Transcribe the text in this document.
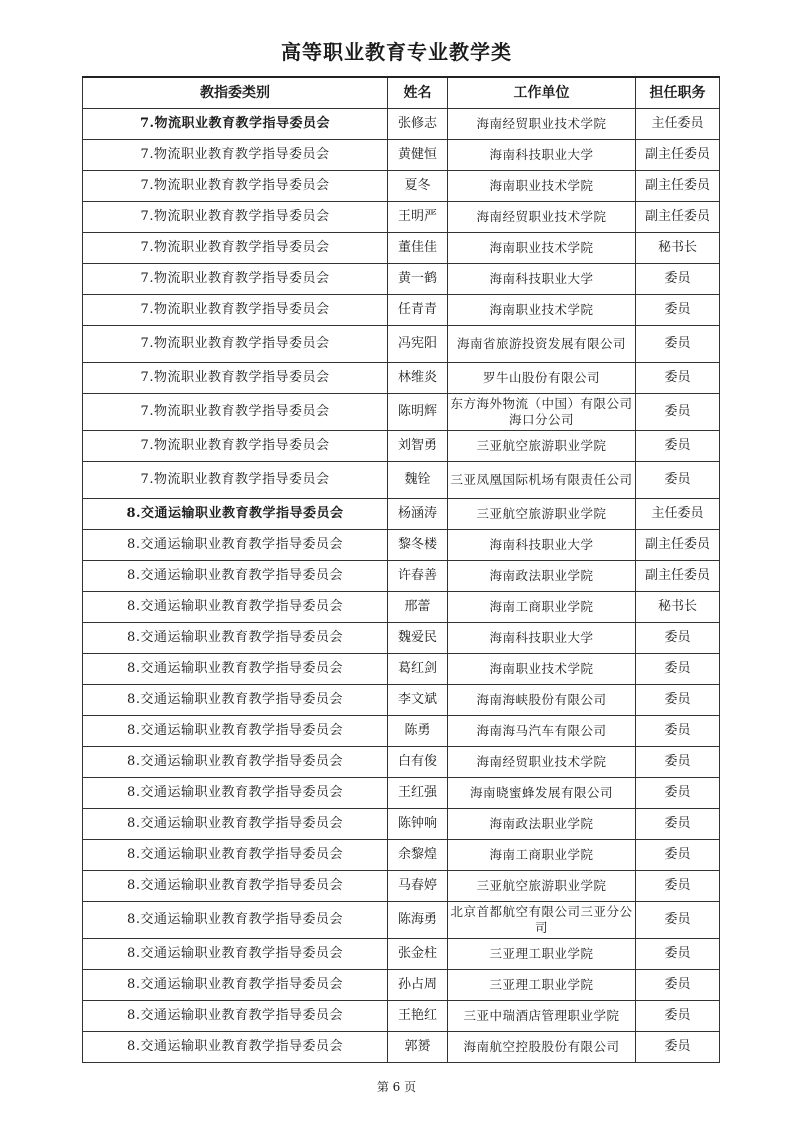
高等职业教育专业教学类
教指委类别	姓名	工作单位	担任职务
7.物流职业教育教学指导委员会	张修志	海南经贸职业技术学院	主任委员
7.物流职业教育教学指导委员会	黄健恒	海南科技职业大学	副主任委员
7.物流职业教育教学指导委员会	夏冬	海南职业技术学院	副主任委员
7.物流职业教育教学指导委员会	王明严	海南经贸职业技术学院	副主任委员
7.物流职业教育教学指导委员会	董佳佳	海南职业技术学院	秘书长
7.物流职业教育教学指导委员会	黄一鹤	海南科技职业大学	委员
7.物流职业教育教学指导委员会	任青青	海南职业技术学院	委员
7.物流职业教育教学指导委员会	冯宪阳	海南省旅游投资发展有限公司	委员
7.物流职业教育教学指导委员会	林维炎	罗牛山股份有限公司	委员
7.物流职业教育教学指导委员会	陈明辉	东方海外物流（中国）有限公司海口分公司	委员
7.物流职业教育教学指导委员会	刘智勇	三亚航空旅游职业学院	委员
7.物流职业教育教学指导委员会	魏铨	三亚凤凰国际机场有限责任公司	委员
8.交通运输职业教育教学指导委员会	杨涵涛	三亚航空旅游职业学院	主任委员
8.交通运输职业教育教学指导委员会	黎冬楼	海南科技职业大学	副主任委员
8.交通运输职业教育教学指导委员会	许春善	海南政法职业学院	副主任委员
8.交通运输职业教育教学指导委员会	邢蕾	海南工商职业学院	秘书长
8.交通运输职业教育教学指导委员会	魏爱民	海南科技职业大学	委员
8.交通运输职业教育教学指导委员会	葛红剑	海南职业技术学院	委员
8.交通运输职业教育教学指导委员会	李文斌	海南海峡股份有限公司	委员
8.交通运输职业教育教学指导委员会	陈勇	海南海马汽车有限公司	委员
8.交通运输职业教育教学指导委员会	白有俊	海南经贸职业技术学院	委员
8.交通运输职业教育教学指导委员会	王红强	海南晓蜜蜂发展有限公司	委员
8.交通运输职业教育教学指导委员会	陈钟响	海南政法职业学院	委员
8.交通运输职业教育教学指导委员会	余黎煌	海南工商职业学院	委员
8.交通运输职业教育教学指导委员会	马春婷	三亚航空旅游职业学院	委员
8.交通运输职业教育教学指导委员会	陈海勇	北京首都航空有限公司三亚分公司	委员
8.交通运输职业教育教学指导委员会	张金柱	三亚理工职业学院	委员
8.交通运输职业教育教学指导委员会	孙占周	三亚理工职业学院	委员
8.交通运输职业教育教学指导委员会	王艳红	三亚中瑞酒店管理职业学院	委员
8.交通运输职业教育教学指导委员会	郭赟	海南航空控股股份有限公司	委员
第 6 页
